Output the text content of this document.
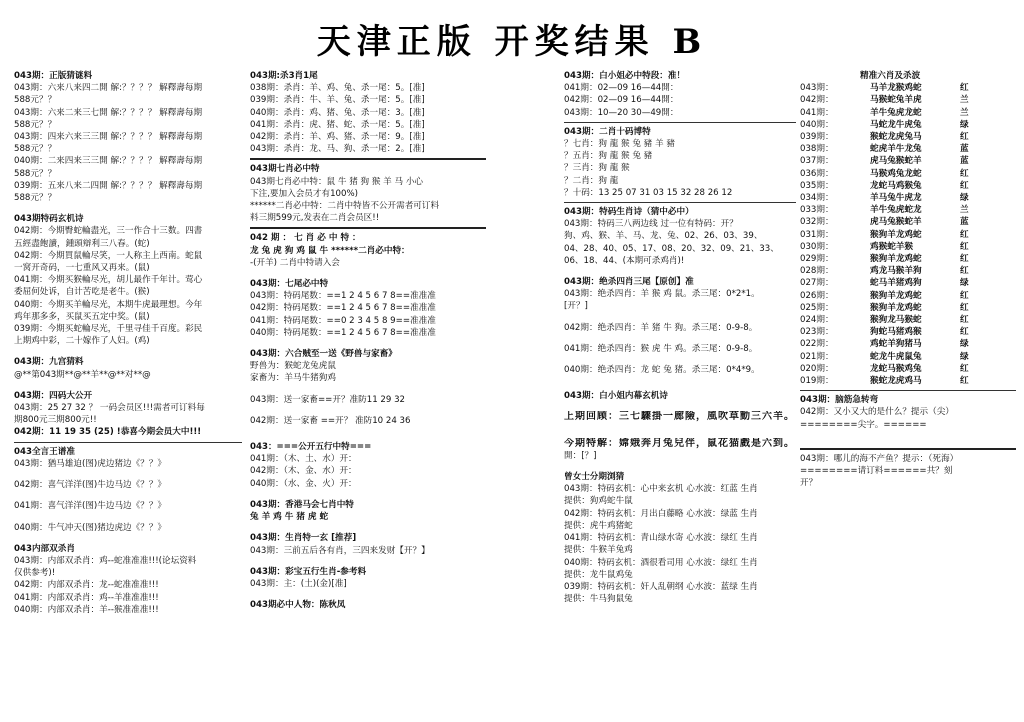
天津正版 开奖结果 B
043期：正版猜谜料
043期：六来八来四二開 解:？？？？ 解釋壽每期
588元？？
043期：六来二来三七開 解:？？？？ 解釋壽每期
588元？？
043期：四来六来三三開 解:？？？？ 解釋壽每期
588元？？
040期：二来四来三三開 解:？？？？ 解釋壽每期
588元？？
039期：五来八来二四開 解:？？？？ 解釋壽每期
588元？？
043期特码玄机诗
042期：今期臀蛇輪盡光，三一作合十三数。四書
五經盡飽讀，鍾頭辯利三八春。(蛇)
042期：今期買鼠輪尽笑，一人称主上西南。蛇鼠
一窝开奇码，一七重风又再来。(鼠)
041期：今期买猴輪尽光，胡儿最作千年计。莺心
委屈何处诉，自计苦吃是老牛。(猴)
040期：今期买羊輪尽光，本期牛虎最理想。今年
鸡年那多多，买鼠买五定中奖。(鼠)
039期：今期买蛇輪尽光，千里寻佳千百度。彩民
上期鸡中彩，二十嫁作了人妇。(鸡)
043期：九宫猜料
@**第043期**@**羊**@**对**@
043期：四码大公开
043期：25 27 32 ？ 一码会员区!!!需者可订料每
期800元三期800元!!
042期：11 19 35 (25) !恭喜今期会员大中!!!
043全言王谱准
043期：猶马雄迫(图)虎边猪边《？？》
042期：喜气洋洋(图)牛边马边《？？》
041期：喜气洋洋(图)牛边马边《？？》
040期：牛气冲天(图)猪边虎边《？？》
043内部双杀肖
043期：内部双杀肖：鸡--蛇准准准!!!(论坛资料
仅供参考)!
042期：内部双杀肖：龙--蛇准准准!!!
041期：内部双杀肖：鸡--羊准准准!!!
040期：内部双杀肖：羊--猴准准准!!!
043期:杀3肖1尾
038期：杀肖：羊、鸡、兔、杀一尾：5。[准]
039期：杀肖：牛、羊、兔、杀一尾：5。[准]
040期：杀肖：鸡、猪、兔、杀一尾：3。[准]
041期：杀肖：虎、猪、蛇、杀一尾：5。[准]
042期：杀肖：羊、鸡、猪、杀一尾：9。[准]
043期：杀肖：龙、马、狗、杀一尾：2。[准]
043期七肖必中特
043期七肖必中特：鼠 牛 猪 狗 猴 羊 马 小心
下注,要加入会员才有100%)
******二肖必中特：二肖中特皆不公开需者可订料
料三期599元,发表在二肖会员区!!
042 期 ： 七 肖 必 中 特 ：
龙 兔 虎 狗 鸡 鼠 牛 ******二肖必中特：
-(开羊) 二肖中特请入会
043期：七尾必中特
043期：特码尾数：==1 2 4 5 6 7 8==准准准
042期：特码尾数：==1 2 4 5 6 7 8==准准准
041期：特码尾数：==0 2 3 4 5 8 9==准准准
040期：特码尾数：==1 2 4 5 6 7 8==准准准
043期：六合贼至一送《野兽与家畜》
野兽为：猴蛇龙兔虎鼠
家畜为：羊马牛猪狗鸡
043期：送一家畜==开？准防11 29 32
042期：送一家畜 ==开？ 准防10 24 36
043：===公开五行中特===
041期：（木、土、水）开：
042期：（木、金、水）开：
040期：（水、金、火）开：
043期：香港马会七肖中特
兔 羊 鸡 牛 猪 虎 蛇
043期：生肖特一玄 [推荐]
043期：三前五后各有肖，三四来发财【开？】
043期：彩宝五行生肖-参考料
043期：主：(土)(金)[准]
043期必中人物：陈秋凤
043期：白小姐必中特段：准！
041期：02—09 16—44開：
042期：02—09 16—44開：
043期：10—20 30—49開：
043期：二肖十码博特
？七肖：狗 龍 猴 兔 豬 羊 豬
？五肖：狗 龍 猴 兔 豬
？三肖：狗 龍 猴
？二肖：狗 龍
？十码：13 25 07 31 03 15 32 28 26 12
043期：特码生肖诗（猜中必中）
043期：特码三八两边线 过一位有特码：开？
狗、鸡、猴、羊、马、龙、兔、02、26、03、39、
04、28、40、05、17、08、20、32、09、21、33、
06、18、44、(本期可杀鸡肖)!
043期：绝杀四肖三尾【原创】准
043期：绝杀四肖：羊 猴 鸡 鼠。杀三尾：0*2*1。
[开？]
042期：绝杀四肖：羊 猪 牛 狗。杀三尾：0-9-8。
041期：绝杀四肖：猴 虎 牛 鸡。杀三尾：0-9-8。
040期：绝杀四肖：龙 蛇 兔 猪。杀三尾：0*4*9。
043期：白小姐内幕玄机诗
上期回顾：三七驟掛一廊險，風吹草動三六羊。
今期特解：嫦娥奔月兔兒伴，鼠花猫戲是六到。
開：[？]
曾女士分期浏猜
043期：特码玄机：心中来玄机 心水波：红蓝 生肖
提供：狗鸡蛇牛鼠
042期：特码玄机：月出白藤略 心水波：绿蓝 生肖
提供：虎牛鸡猪蛇
041期：特码玄机：青山绿水寄 心水波：绿红 生肖
提供：牛猴羊兔鸡
040期：特码玄机：酒很看司用 心水波：绿红 生肖
提供：龙牛鼠鸡兔
039期：特码玄机：奸人乱朝纲 心水波：蓝绿 生肖
提供：牛马狗鼠兔
精准六肖及杀波
043期：	马羊龙猴鸡蛇	红
042期：	马猴蛇兔羊虎	兰
041期：	羊牛兔虎龙蛇	兰
040期：	马蛇龙牛虎兔	绿
039期：	猴蛇龙虎兔马	红
038期：	蛇虎羊牛龙兔	蓝
037期：	虎马兔猴蛇羊	蓝
036期：	马猴鸡兔龙蛇	红
035期：	龙蛇马鸡猴兔	红
034期：	羊马兔牛虎龙	绿
033期：	羊牛兔虎蛇龙	兰
032期：	虎马兔猴蛇羊	蓝
031期：	猴狗羊龙鸡蛇	红
030期：	鸡猴蛇羊猴	红
029期：	猴狗羊龙鸡蛇	红
028期：	鸡龙马猴羊狗	红
027期：	蛇马羊猪鸡狗	绿
026期：	猴狗羊龙鸡蛇	红
025期：	猴狗羊龙鸡蛇	红
024期：	猴狗龙马猴蛇	红
023期：	狗蛇马猪鸡猴	红
022期：	鸡蛇羊狗猪马	绿
021期：	蛇龙牛虎鼠兔	绿
020期：	龙蛇马猴鸡兔	红
019期：	猴蛇龙虎鸡马	红
043期：脑筋急转弯
042期：又小又大的是什么？提示（尖）
========尖字。======
043期：哪儿的海不产鱼？提示：（死海）
========请订料======共？刻
开？
